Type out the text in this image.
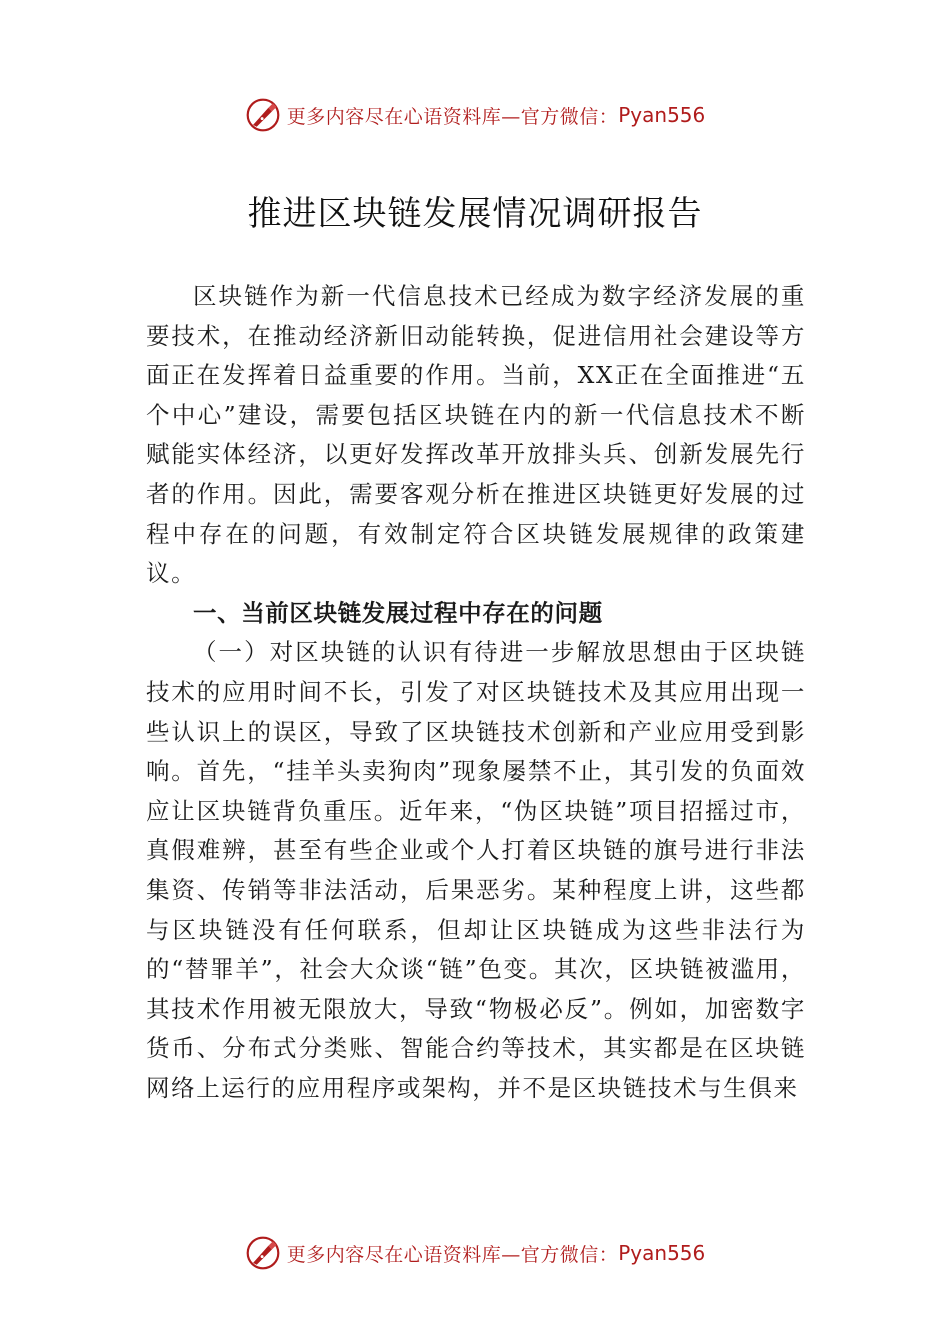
更多内容尽在心语资料库—官方微信： Pyan556
推进区块链发展情况调研报告

区块链作为新一代信息技术已经成为数字经济发展的重要技术，在推动经济新旧动能转换，促进信用社会建设等方面正在发挥着日益重要的作用。当前，XX正在全面推进“五个中心”建设，需要包括区块链在内的新一代信息技术不断赋能实体经济，以更好发挥改革开放排头兵、创新发展先行者的作用。因此，需要客观分析在推进区块链更好发展的过程中存在的问题，有效制定符合区块链发展规律的政策建议。

一、当前区块链发展过程中存在的问题

（一）对区块链的认识有待进一步解放思想由于区块链技术的应用时间不长，引发了对区块链技术及其应用出现一些认识上的误区，导致了区块链技术创新和产业应用受到影响。首先，“挂羊头卖狗肉”现象屡禁不止，其引发的负面效应让区块链背负重压。近年来，“伪区块链”项目招摇过市，真假难辨，甚至有些企业或个人打着区块链的旗号进行非法集资、传销等非法活动，后果恶劣。某种程度上讲，这些都与区块链没有任何联系，但却让区块链成为这些非法行为的“替罪羊”，社会大众谈“链”色变。其次，区块链被滥用，其技术作用被无限放大，导致“物极必反”。例如，加密数字货币、分布式分类账、智能合约等技术，其实都是在区块链网络上运行的应用程序或架构，并不是区块链技术与生俱来

更多内容尽在心语资料库—官方微信： Pyan556
